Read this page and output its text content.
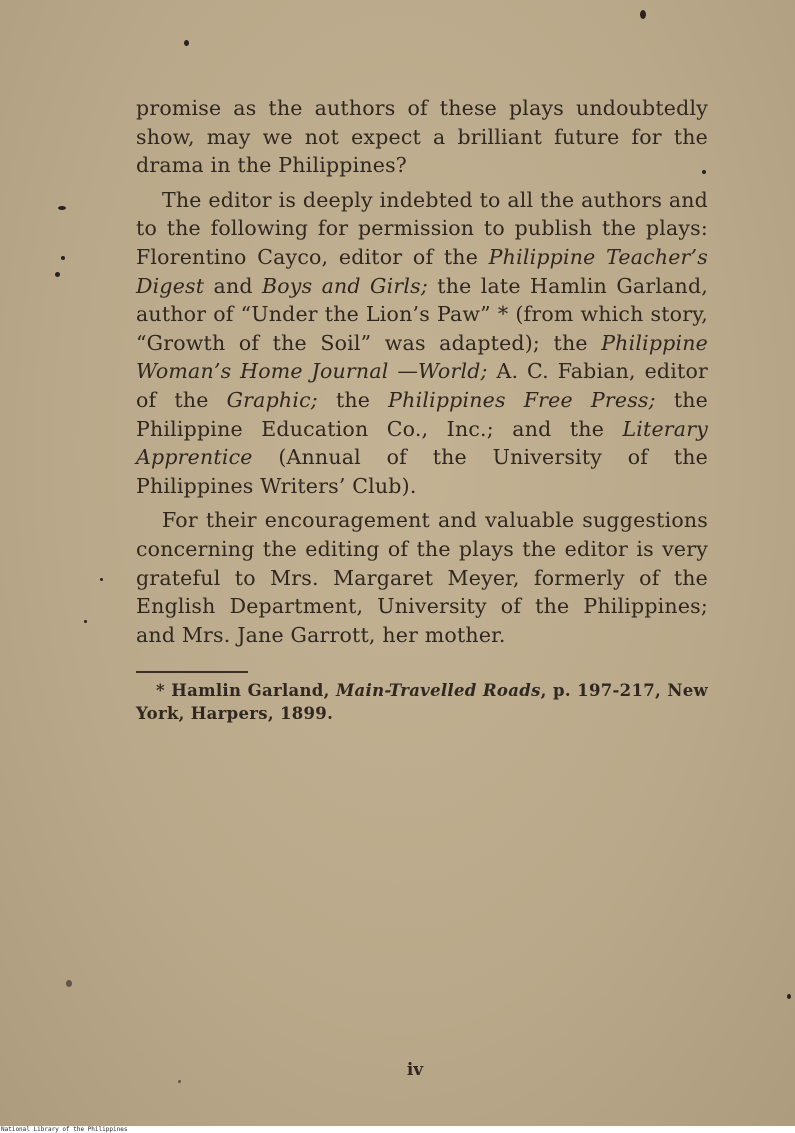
promise as the authors of these plays undoubtedly show, may we not expect a brilliant future for the drama in the Philippines?

The editor is deeply indebted to all the authors and to the following for permission to publish the plays: Florentino Cayco, editor of the Philippine Teacher’s Digest and Boys and Girls; the late Hamlin Garland, author of “Under the Lion’s Paw” * (from which story, “Growth of the Soil” was adapted); the Philippine Woman’s Home Journal —World; A. C. Fabian, editor of the Graphic; the Philippines Free Press; the Philippine Education Co., Inc.; and the Literary Apprentice (Annual of the University of the Philippines Writers’ Club).

For their encouragement and valuable suggestions concerning the editing of the plays the editor is very grateful to Mrs. Margaret Meyer, formerly of the English Department, University of the Philippines; and Mrs. Jane Garrott, her mother.

* Hamlin Garland, Main-Travelled Roads, p. 197-217, New York, Harpers, 1899.

iv
National Library of the Philippines
